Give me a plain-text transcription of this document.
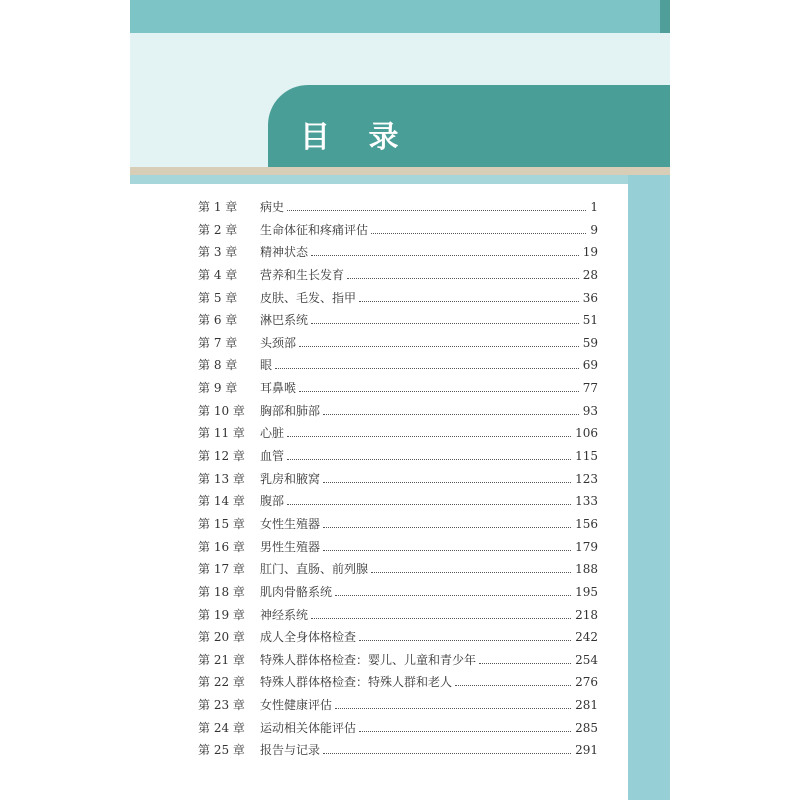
目 录
第 1 章	病史	1
第 2 章	生命体征和疼痛评估	9
第 3 章	精神状态	19
第 4 章	营养和生长发育	28
第 5 章	皮肤、毛发、指甲	36
第 6 章	淋巴系统	51
第 7 章	头颈部	59
第 8 章	眼	69
第 9 章	耳鼻喉	77
第 10 章	胸部和肺部	93
第 11 章	心脏	106
第 12 章	血管	115
第 13 章	乳房和腋窝	123
第 14 章	腹部	133
第 15 章	女性生殖器	156
第 16 章	男性生殖器	179
第 17 章	肛门、直肠、前列腺	188
第 18 章	肌肉骨骼系统	195
第 19 章	神经系统	218
第 20 章	成人全身体格检查	242
第 21 章	特殊人群体格检查：婴儿、儿童和青少年	254
第 22 章	特殊人群体格检查：特殊人群和老人	276
第 23 章	女性健康评估	281
第 24 章	运动相关体能评估	285
第 25 章	报告与记录	291
